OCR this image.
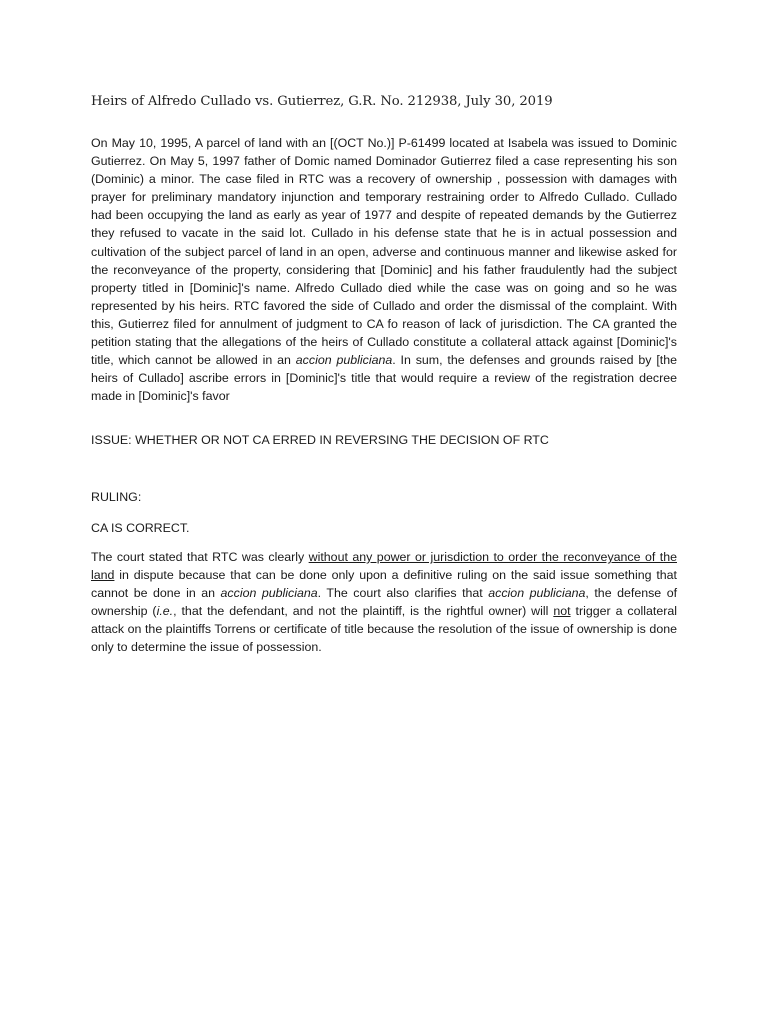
Heirs of Alfredo Cullado vs. Gutierrez, G.R. No. 212938, July 30, 2019

On May 10, 1995, A parcel of land with an [(OCT No.)] P-61499 located at Isabela was issued to Dominic Gutierrez. On May 5, 1997 father of Domic named Dominador Gutierrez filed a case representing his son (Dominic) a minor. The case filed in RTC was a recovery of ownership , possession with damages with prayer for preliminary mandatory injunction and temporary restraining order to Alfredo Cullado. Cullado had been occupying the land as early as year of 1977 and despite of repeated demands by the Gutierrez they refused to vacate in the said lot. Cullado in his defense state that he is in actual possession and cultivation of the subject parcel of land in an open, adverse and continuous manner and likewise asked for the reconveyance of the property, considering that [Dominic] and his father fraudulently had the subject property titled in [Dominic]'s name. Alfredo Cullado died while the case was on going and so he was represented by his heirs. RTC favored the side of Cullado and order the dismissal of the complaint. With this, Gutierrez filed for annulment of judgment to CA fo reason of lack of jurisdiction. The CA granted the petition stating that the allegations of the heirs of Cullado constitute a collateral attack against [Dominic]'s title, which cannot be allowed in an accion publiciana. In sum, the defenses and grounds raised by [the heirs of Cullado] ascribe errors in [Dominic]'s title that would require a review of the registration decree made in [Dominic]'s favor

ISSUE: WHETHER OR NOT CA ERRED IN REVERSING THE DECISION OF RTC

RULING:

CA IS CORRECT.

The court stated that RTC was clearly without any power or jurisdiction to order the reconveyance of the land in dispute because that can be done only upon a definitive ruling on the said issue something that cannot be done in an accion publiciana. The court also clarifies that accion publiciana, the defense of ownership (i.e., that the defendant, and not the plaintiff, is the rightful owner) will not trigger a collateral attack on the plaintiffs Torrens or certificate of title because the resolution of the issue of ownership is done only to determine the issue of possession.
